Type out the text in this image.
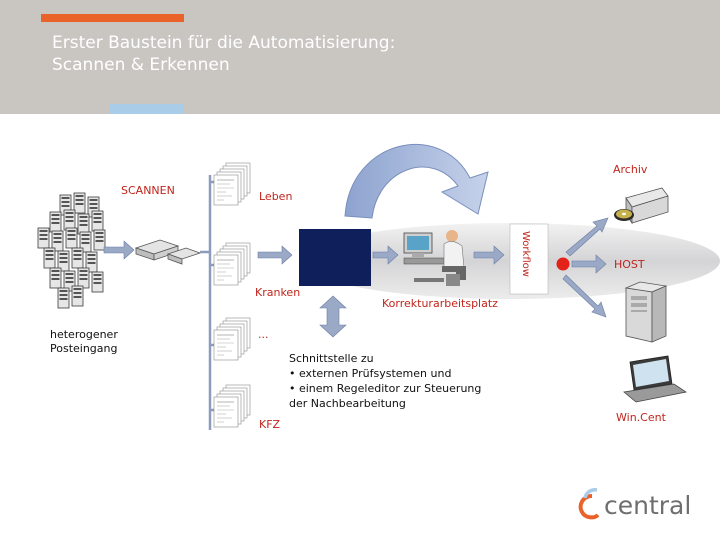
Erster Baustein für die Automatisierung:
Scannen & Erkennen
SCANNEN	Leben
Kranken
...
KFZ
heterogener
Posteingang
Korrekturarbeitsplatz
Workflow
Archiv
HOST
Win.Cent
Schnittstelle zu
• externen Prüfsystemen und
• einem Regeleditor zur Steuerung
der Nachbearbeitung
central
